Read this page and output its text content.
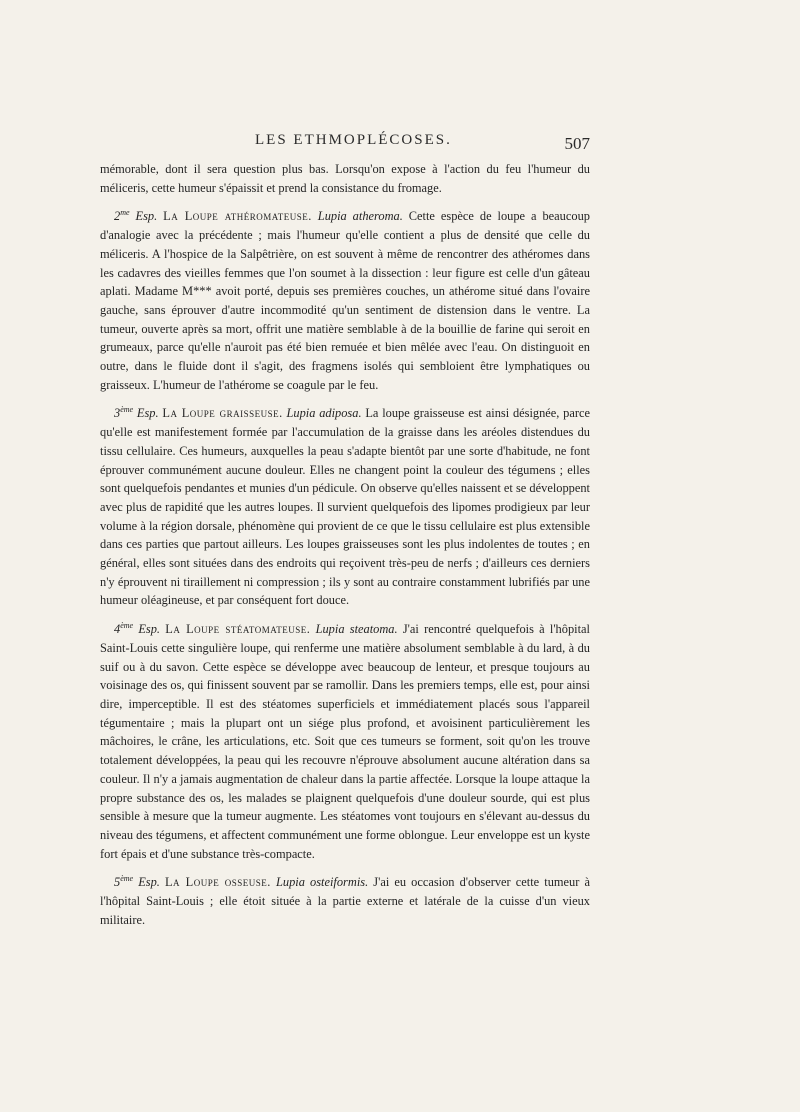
LES ETHMOPLÉCOSES.	507

mémorable, dont il sera question plus bas. Lorsqu'on expose à l'action du feu l'humeur du méliceris, cette humeur s'épaissit et prend la consistance du fromage.

$2^{me}$ Esp. La Loupe athéromateuse. Lupia atheroma. Cette espèce de loupe a beaucoup d'analogie avec la précédente ; mais l'humeur qu'elle contient a plus de densité que celle du méliceris. A l'hospice de la Salpêtrière, on est souvent à même de rencontrer des athéromes dans les cadavres des vieilles femmes que l'on soumet à la dissection : leur figure est celle d'un gâteau aplati. Madame M*** avoit porté, depuis ses premières couches, un athérome situé dans l'ovaire gauche, sans éprouver d'autre incommodité qu'un sentiment de distension dans le ventre. La tumeur, ouverte après sa mort, offrit une matière semblable à de la bouillie de farine qui seroit en grumeaux, parce qu'elle n'auroit pas été bien remuée et bien mêlée avec l'eau. On distinguoit en outre, dans le fluide dont il s'agit, des fragmens isolés qui sembloient être lymphatiques ou graisseux. L'humeur de l'athérome se coagule par le feu.

3ème Esp. La Loupe graisseuse. Lupia adiposa. La loupe graisseuse est ainsi désignée, parce qu'elle est manifestement formée par l'accumulation de la graisse dans les aréoles distendues du tissu cellulaire. Ces humeurs, auxquelles la peau s'adapte bientôt par une sorte d'habitude, ne font éprouver communément aucune douleur. Elles ne changent point la couleur des tégumens ; elles sont quelquefois pendantes et munies d'un pédicule. On observe qu'elles naissent et se développent avec plus de rapidité que les autres loupes. Il survient quelquefois des lipomes prodigieux par leur volume à la région dorsale, phénomène qui provient de ce que le tissu cellulaire est plus extensible dans ces parties que partout ailleurs. Les loupes graisseuses sont les plus indolentes de toutes ; en général, elles sont situées dans des endroits qui reçoivent très-peu de nerfs ; d'ailleurs ces derniers n'y éprouvent ni tiraillement ni compression ; ils y sont au contraire constamment lubrifiés par une humeur oléagineuse, et par conséquent fort douce.

4ème Esp. La Loupe stéatomateuse. Lupia steatoma. J'ai rencontré quelquefois à l'hôpital Saint-Louis cette singulière loupe, qui renferme une matière absolument semblable à du lard, à du suif ou à du savon. Cette espèce se développe avec beaucoup de lenteur, et presque toujours au voisinage des os, qui finissent souvent par se ramollir. Dans les premiers temps, elle est, pour ainsi dire, imperceptible. Il est des stéatomes superficiels et immédiatement placés sous l'appareil tégumentaire ; mais la plupart ont un siége plus profond, et avoisinent particulièrement les mâchoires, le crâne, les articulations, etc. Soit que ces tumeurs se forment, soit qu'on les trouve totalement développées, la peau qui les recouvre n'éprouve absolument aucune altération dans sa couleur. Il n'y a jamais augmentation de chaleur dans la partie affectée. Lorsque la loupe attaque la propre substance des os, les malades se plaignent quelquefois d'une douleur sourde, qui est plus sensible à mesure que la tumeur augmente. Les stéatomes vont toujours en s'élevant au-dessus du niveau des tégumens, et affectent communément une forme oblongue. Leur enveloppe est un kyste fort épais et d'une substance très-compacte.

5ème Esp. La Loupe osseuse. Lupia osteiformis. J'ai eu occasion d'observer cette tumeur à l'hôpital Saint-Louis ; elle étoit située à la partie externe et latérale de la cuisse d'un vieux militaire.
